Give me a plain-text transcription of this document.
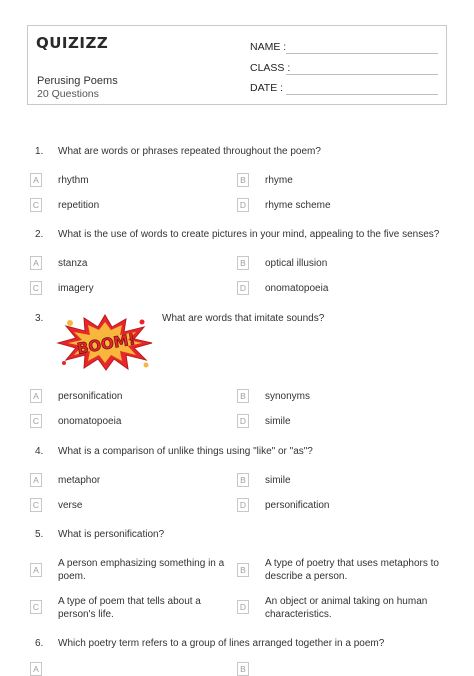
QUIZIZZ
Perusing Poems
20 Questions
NAME :
CLASS :
DATE :
1. What are words or phrases repeated throughout the poem?
A	rhythm	B	rhyme
C repetition	D rhyme scheme
2. What is the use of words to create pictures in your mind, appealing to the five senses?
A	stanza	B	optical illusion
C imagery	D onomatopoeia
3.
BOOM!
What are words that imitate sounds?
A	personification	B	synonyms
C onomatopoeia	D simile
4. What is a comparison of unlike things using "like" or "as"?
A	metaphor	B	simile
C verse	D personification
5. What is personification?
A
A person emphasizing something in a
poem.
B
A type of poetry that uses metaphors to
describe a person.
C A type of poem that tells about a
person's life.
D An object or animal taking on human
characteristics.
6. Which poetry term refers to a group of lines arranged together in a poem?
A	B
